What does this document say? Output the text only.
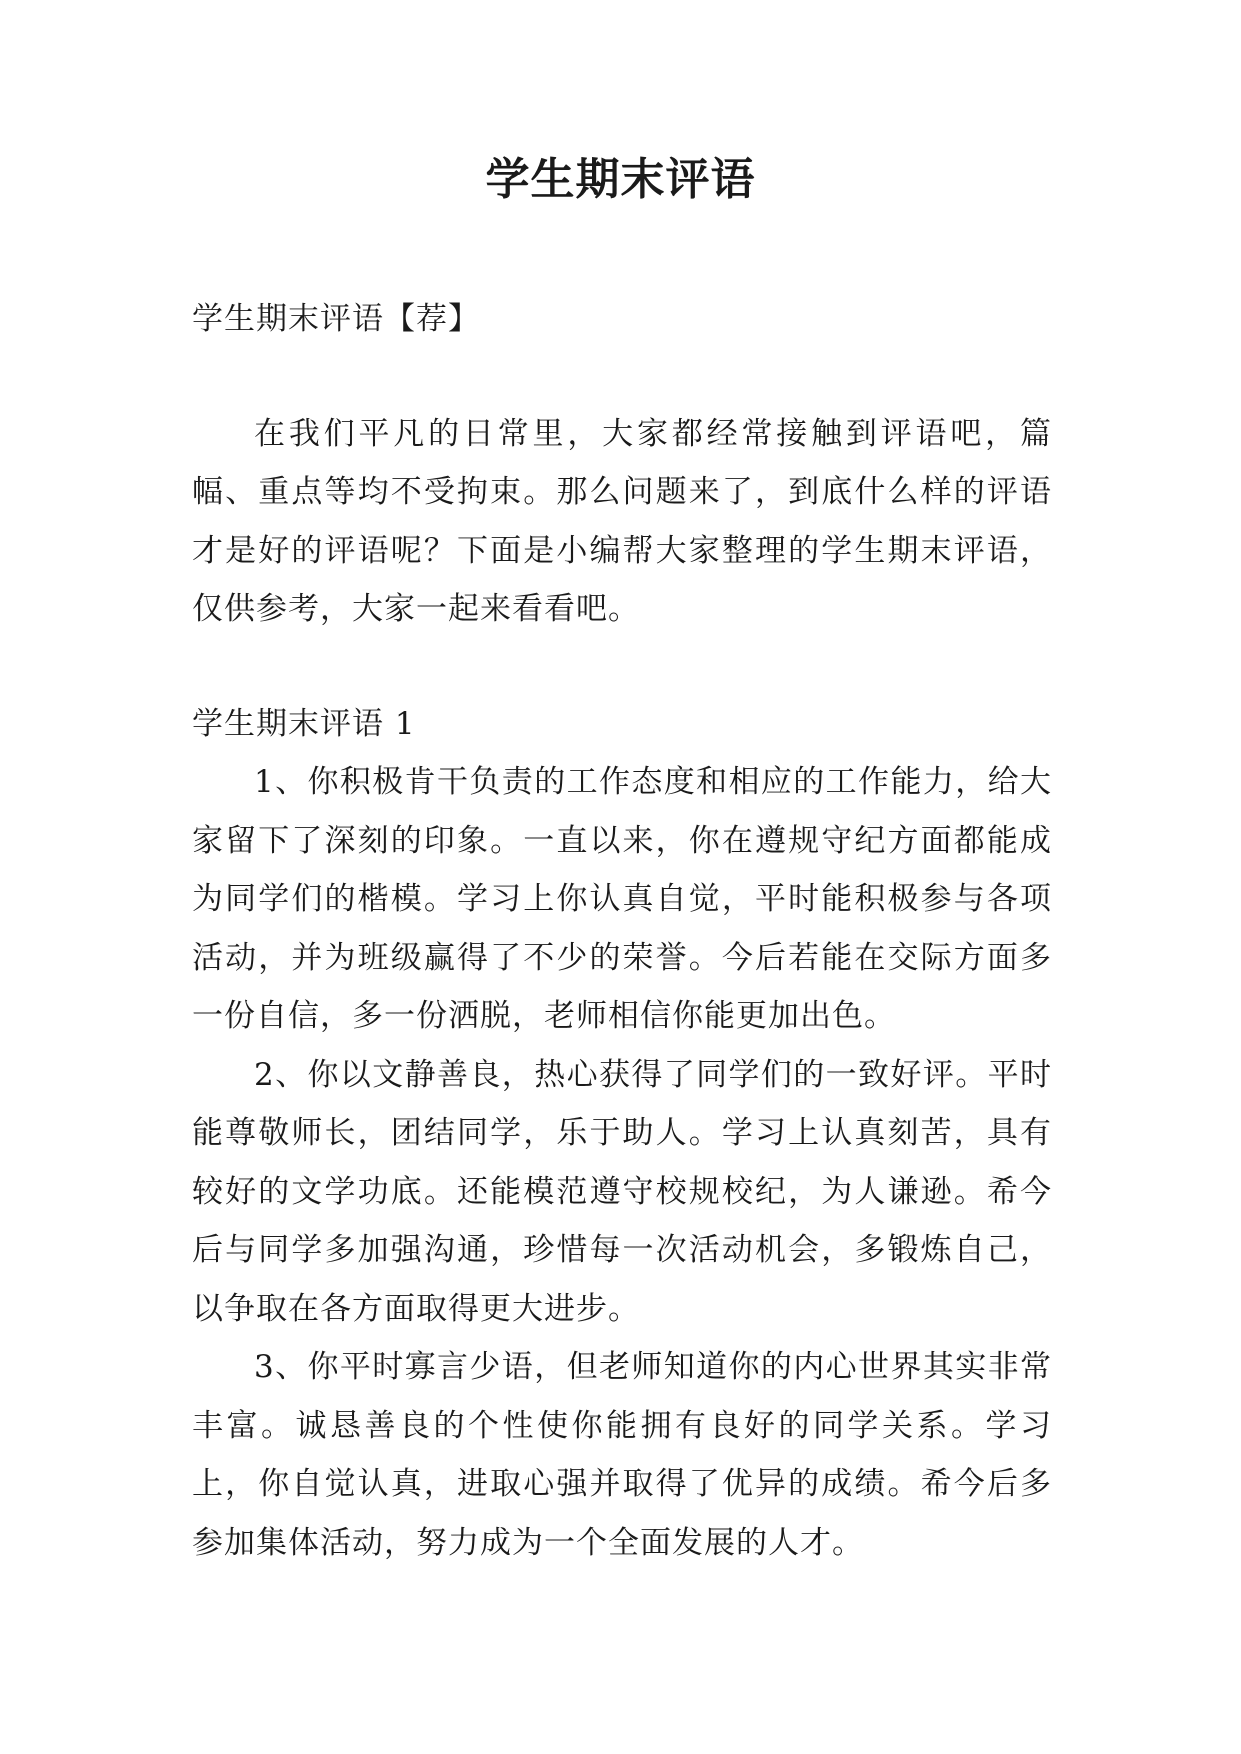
学生期末评语

学生期末评语【荐】

在我们平凡的日常里，大家都经常接触到评语吧，篇幅、重点等均不受拘束。那么问题来了，到底什么样的评语才是好的评语呢？下面是小编帮大家整理的学生期末评语，仅供参考，大家一起来看看吧。

学生期末评语 1

1、你积极肯干负责的工作态度和相应的工作能力，给大家留下了深刻的印象。一直以来，你在遵规守纪方面都能成为同学们的楷模。学习上你认真自觉，平时能积极参与各项活动，并为班级赢得了不少的荣誉。今后若能在交际方面多一份自信，多一份洒脱，老师相信你能更加出色。

2、你以文静善良，热心获得了同学们的一致好评。平时能尊敬师长，团结同学，乐于助人。学习上认真刻苦，具有较好的文学功底。还能模范遵守校规校纪，为人谦逊。希今后与同学多加强沟通，珍惜每一次活动机会，多锻炼自己，以争取在各方面取得更大进步。

3、你平时寡言少语，但老师知道你的内心世界其实非常丰富。诚恳善良的个性使你能拥有良好的同学关系。学习上，你自觉认真，进取心强并取得了优异的成绩。希今后多参加集体活动，努力成为一个全面发展的人才。
